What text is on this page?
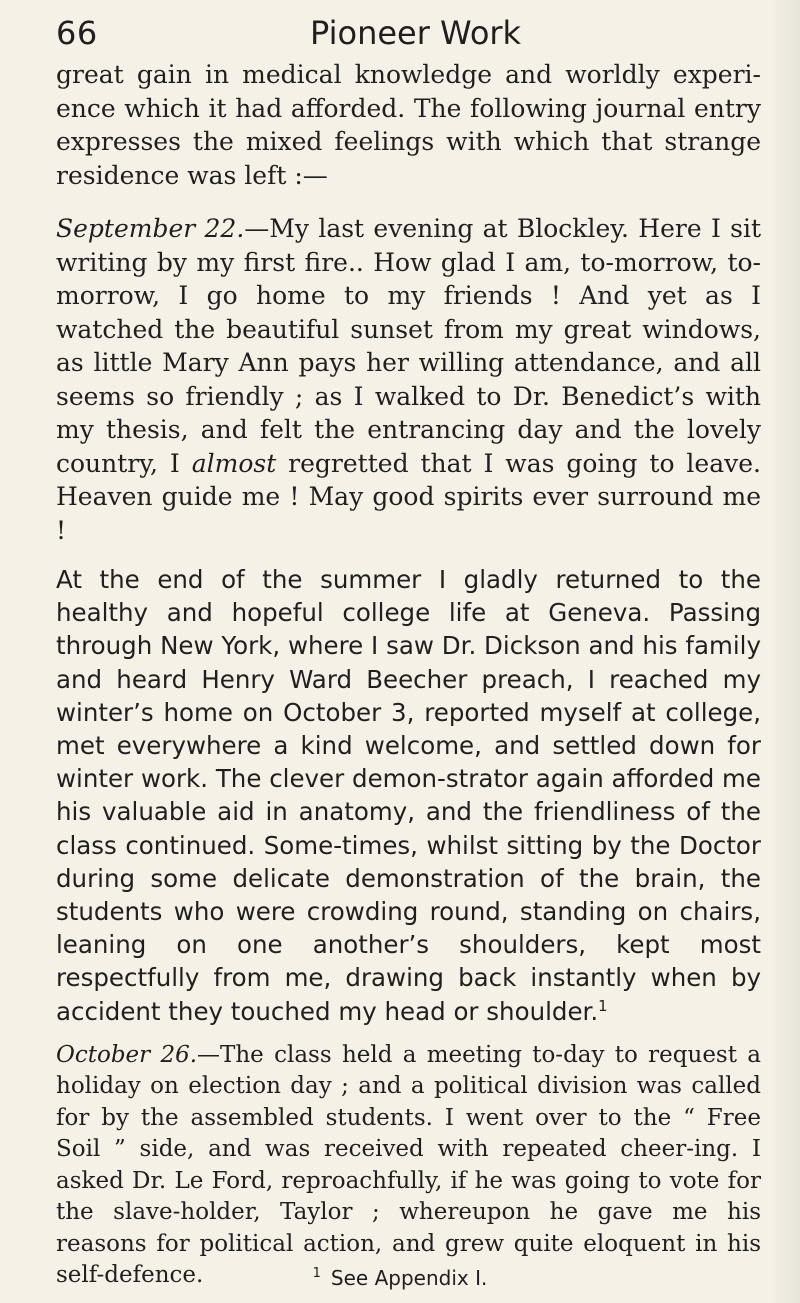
66	Pioneer Work

great gain in medical knowledge and worldly experi-ence which it had afforded. The following journal entry expresses the mixed feelings with which that strange residence was left :—

September 22.—My last evening at Blockley. Here I sit writing by my first fire.. How glad I am, to-morrow, to-morrow, I go home to my friends ! And yet as I watched the beautiful sunset from my great windows, as little Mary Ann pays her willing attendance, and all seems so friendly ; as I walked to Dr. Benedict’s with my thesis, and felt the entrancing day and the lovely country, I almost regretted that I was going to leave. Heaven guide me ! May good spirits ever surround me !

At the end of the summer I gladly returned to the healthy and hopeful college life at Geneva. Passing through New York, where I saw Dr. Dickson and his family and heard Henry Ward Beecher preach, I reached my winter’s home on October 3, reported myself at college, met everywhere a kind welcome, and settled down for winter work. The clever demon-strator again afforded me his valuable aid in anatomy, and the friendliness of the class continued. Some-times, whilst sitting by the Doctor during some delicate demonstration of the brain, the students who were crowding round, standing on chairs, leaning on one another’s shoulders, kept most respectfully from me, drawing back instantly when by accident they touched my head or shoulder.$^1$

October 26.—The class held a meeting to-day to request a holiday on election day ; and a political division was called for by the assembled students. I went over to the “ Free Soil ” side, and was received with repeated cheer-ing. I asked Dr. Le Ford, reproachfully, if he was going to vote for the slave-holder, Taylor ; whereupon he gave me his reasons for political action, and grew quite eloquent in his self-defence.	$^1$ See Appendix I.
